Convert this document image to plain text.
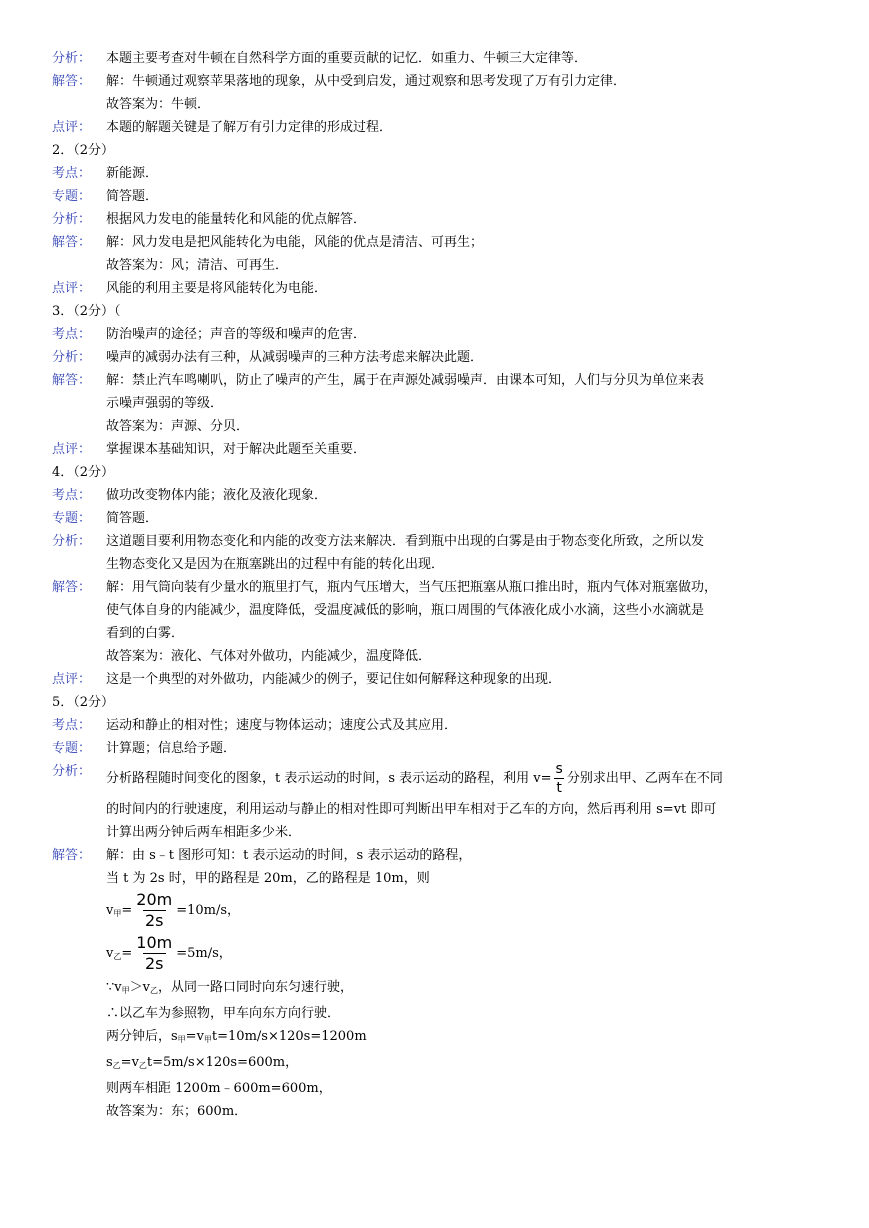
分析：	本题主要考查对牛顿在自然科学方面的重要贡献的记忆．如重力、牛顿三大定律等．
解答：	解：牛顿通过观察苹果落地的现象，从中受到启发，通过观察和思考发现了万有引力定律．
故答案为：牛顿．
点评：	本题的解题关键是了解万有引力定律的形成过程．
2．（2分）
考点：	新能源．
专题：	简答题．
分析：	根据风力发电的能量转化和风能的优点解答．
解答：	解：风力发电是把风能转化为电能，风能的优点是清洁、可再生；
故答案为：风；清洁、可再生．
点评：	风能的利用主要是将风能转化为电能．
3．（2分）（
考点：	防治噪声的途径；声音的等级和噪声的危害．
分析：	噪声的减弱办法有三种，从减弱噪声的三种方法考虑来解决此题．
解答：	解：禁止汽车鸣喇叭，防止了噪声的产生，属于在声源处减弱噪声．由课本可知，人们与分贝为单位来表
示噪声强弱的等级．
故答案为：声源、分贝．
点评：	掌握课本基础知识，对于解决此题至关重要．
4．（2分）
考点：	做功改变物体内能；液化及液化现象．
专题：	简答题．
分析：	这道题目要利用物态变化和内能的改变方法来解决．看到瓶中出现的白雾是由于物态变化所致，之所以发
生物态变化又是因为在瓶塞跳出的过程中有能的转化出现．
解答：	解：用气筒向装有少量水的瓶里打气，瓶内气压增大，当气压把瓶塞从瓶口推出时，瓶内气体对瓶塞做功，
使气体自身的内能减少，温度降低，受温度减低的影响，瓶口周围的气体液化成小水滴，这些小水滴就是
看到的白雾．
故答案为：液化、气体对外做功，内能减少，温度降低．
点评：	这是一个典型的对外做功，内能减少的例子，要记住如何解释这种现象的出现．
5．（2分）
考点：	运动和静止的相对性；速度与物体运动；速度公式及其应用．
专题：	计算题；信息给予题．
分析：	分析路程随时间变化的图象，t 表示运动的时间，s 表示运动的路程，利用 $v= \frac{s}{t}$ 分别求出甲、乙两车在不同
的时间内的行驶速度，利用运动与静止的相对性即可判断出甲车相对于乙车的方向，然后再利用 s=vt 即可
计算出两分钟后两车相距多少米．
解答：	解：由 s﹣t 图形可知：t 表示运动的时间，s 表示运动的路程，
当 t 为 2s 时，甲的路程是 20m，乙的路程是 10m，则
$v_甲= \frac{20m}{2s} =10m/s$，
$v_乙= \frac{10m}{2s} =5m/s$，
$\because v_甲>v_乙$，从同一路口同时向东匀速行驶，
∴以乙车为参照物，甲车向东方向行驶．
两分钟后，$s_甲=v_甲t=10m/s\times 120s=1200m$
$s_乙=v_乙t=5m/s\times 120s=600m$，
则两车相距 1200m﹣600m=600m，
故答案为：东；600m．
